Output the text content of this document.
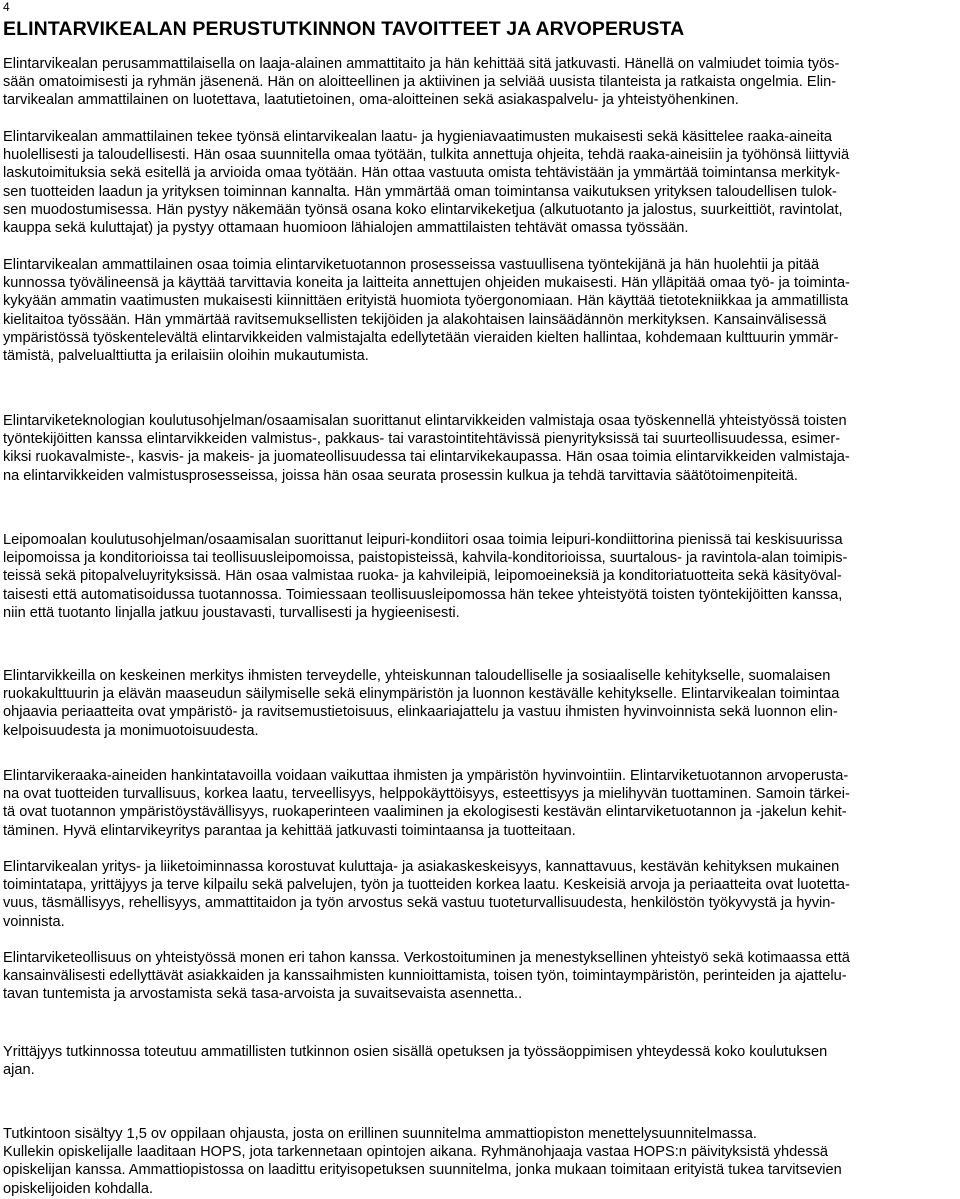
4
ELINTARVIKEALAN PERUSTUTKINNON TAVOITTEET JA ARVOPERUSTA
Elintarvikealan perusammattilaisella on laaja-alainen ammattitaito ja hän kehittää sitä jatkuvasti. Hänellä on valmiudet toimia työs-
sään omatoimisesti ja ryhmän jäsenenä. Hän on aloitteellinen ja aktiivinen ja selviää uusista tilanteista ja ratkaista ongelmia. Elin-
tarvikealan ammattilainen on luotettava, laatutietoinen, oma-aloitteinen sekä asiakaspalvelu- ja yhteistyöhenkinen.
Elintarvikealan ammattilainen tekee työnsä elintarvikealan laatu- ja hygieniavaatimusten mukaisesti sekä käsittelee raaka-aineita
huolellisesti ja taloudellisesti. Hän osaa suunnitella omaa työtään, tulkita annettuja ohjeita, tehdä raaka-aineisiin ja työhönsä liittyviä
laskutoimituksia sekä esitellä ja arvioida omaa työtään. Hän ottaa vastuuta omista tehtävistään ja ymmärtää toimintansa merkityk-
sen tuotteiden laadun ja yrityksen toiminnan kannalta. Hän ymmärtää oman toimintansa vaikutuksen yrityksen taloudellisen tulok-
sen muodostumisessa. Hän pystyy näkemään työnsä osana koko elintarvikeketjua (alkutuotanto ja jalostus, suurkeittiöt, ravintolat,
kauppa sekä kuluttajat) ja pystyy ottamaan huomioon lähialojen ammattilaisten tehtävät omassa työssään.
Elintarvikealan ammattilainen osaa toimia elintarviketuotannon prosesseissa vastuullisena työntekijänä ja hän huolehtii ja pitää
kunnossa työvälineensä ja käyttää tarvittavia koneita ja laitteita annettujen ohjeiden mukaisesti. Hän ylläpitää omaa työ- ja toiminta-
kykyään ammatin vaatimusten mukaisesti kiinnittäen erityistä huomiota työergonomiaan. Hän käyttää tietotekniikkaa ja ammatillista
kielitaitoa työssään. Hän ymmärtää ravitsemuksellisten tekijöiden ja alakohtaisen lainsäädännön merkityksen. Kansainvälisessä
ympäristössä työskentelevältä elintarvikkeiden valmistajalta edellytetään vieraiden kielten hallintaa, kohdemaan kulttuurin ymmär-
tämistä, palvelualttiutta ja erilaisiin oloihin mukautumista.
Elintarviketeknologian koulutusohjelman/osaamisalan suorittanut elintarvikkeiden valmistaja osaa työskennellä yhteistyössä toisten
työntekijöitten kanssa elintarvikkeiden valmistus-, pakkaus- tai varastointitehtävissä pienyrityksissä tai suurteollisuudessa, esimer-
kiksi ruokavalmiste-, kasvis- ja makeis- ja juomateollisuudessa tai elintarvikekaupassa. Hän osaa toimia elintarvikkeiden valmistaja-
na elintarvikkeiden valmistusprosesseissa, joissa hän osaa seurata prosessin kulkua ja tehdä tarvittavia säätötoimenpiteitä.
Leipomoalan koulutusohjelman/osaamisalan suorittanut leipuri-kondiitori osaa toimia leipuri-kondiittorina pienissä tai keskisuurissa
leipomoissa ja konditorioissa tai teollisuusleipomoissa, paistopisteissä, kahvila-konditorioissa, suurtalous- ja ravintola-alan toimipis-
teissä sekä pitopalveluyrityksissä. Hän osaa valmistaa ruoka- ja kahvileipiä, leipomoeineksiä ja konditoriatuotteita sekä käsityöval-
taisesti että automatisoidussa tuotannossa. Toimiessaan teollisuusleipomossa hän tekee yhteistyötä toisten työntekijöitten kanssa,
niin että tuotanto linjalla jatkuu joustavasti, turvallisesti ja hygieenisesti.
Elintarvikkeilla on keskeinen merkitys ihmisten terveydelle, yhteiskunnan taloudelliselle ja sosiaaliselle kehitykselle, suomalaisen
ruokakulttuurin ja elävän maaseudun säilymiselle sekä elinympäristön ja luonnon kestävälle kehitykselle. Elintarvikealan toimintaa
ohjaavia periaatteita ovat ympäristö- ja ravitsemustietoisuus, elinkaariajattelu ja vastuu ihmisten hyvinvoinnista sekä luonnon elin-
kelpoisuudesta ja monimuotoisuudesta.
Elintarvikeraaka-aineiden hankintatavoilla voidaan vaikuttaa ihmisten ja ympäristön hyvinvointiin. Elintarviketuotannon arvoperusta-
na ovat tuotteiden turvallisuus, korkea laatu, terveellisyys, helppokäyttöisyys, esteettisyys ja mielihyvän tuottaminen. Samoin tärkei-
tä ovat tuotannon ympäristöystävällisyys, ruokaperinteen vaaliminen ja ekologisesti kestävän elintarviketuotannon ja -jakelun kehit-
täminen. Hyvä elintarvikeyritys parantaa ja kehittää jatkuvasti toimintaansa ja tuotteitaan.
Elintarvikealan yritys- ja liiketoiminnassa korostuvat kuluttaja- ja asiakaskeskeisyys, kannattavuus, kestävän kehityksen mukainen
toimintatapa, yrittäjyys ja terve kilpailu sekä palvelujen, työn ja tuotteiden korkea laatu. Keskeisiä arvoja ja periaatteita ovat luotetta-
vuus, täsmällisyys, rehellisyys, ammattitaidon ja työn arvostus sekä vastuu tuoteturvallisuudesta, henkilöstön työkyvystä ja hyvin-
voinnista.
Elintarviketeollisuus on yhteistyössä monen eri tahon kanssa. Verkostoituminen ja menestyksellinen yhteistyö sekä kotimaassa että
kansainvälisesti edellyttävät asiakkaiden ja kanssaihmisten kunnioittamista, toisen työn, toimintaympäristön, perinteiden ja ajattelu-
tavan tuntemista ja arvostamista sekä tasa-arvoista ja suvaitsevaista asennetta..
Yrittäjyys tutkinnossa toteutuu ammatillisten tutkinnon osien sisällä opetuksen ja työssäoppimisen yhteydessä koko koulutuksen
ajan.
Tutkintoon sisältyy 1,5 ov oppilaan ohjausta, josta on erillinen suunnitelma ammattiopiston menettelysuunnitelmassa.
Kullekin opiskelijalle laaditaan HOPS, jota tarkennetaan opintojen aikana. Ryhmänohjaaja vastaa HOPS:n päivityksistä yhdessä
opiskelijan kanssa. Ammattiopistossa on laadittu erityisopetuksen suunnitelma, jonka mukaan toimitaan erityistä tukea tarvitsevien
opiskelijoiden kohdalla.
